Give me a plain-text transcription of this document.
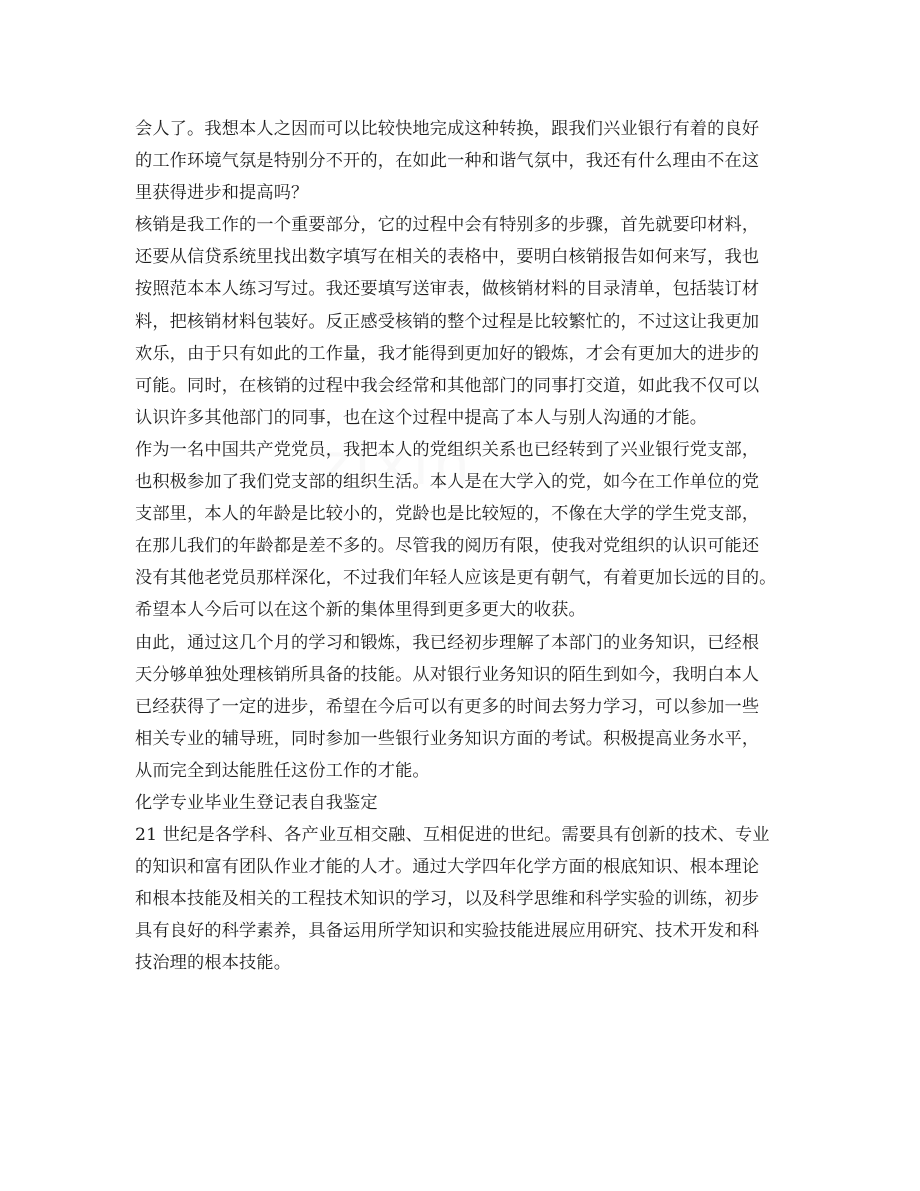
zixin

会人了。我想本人之因而可以比较快地完成这种转换，跟我们兴业银行有着的良好
的工作环境气氛是特别分不开的，在如此一种和谐气氛中，我还有什么理由不在这
里获得进步和提高吗？

核销是我工作的一个重要部分，它的过程中会有特别多的步骤，首先就要印材料，
还要从信贷系统里找出数字填写在相关的表格中，要明白核销报告如何来写，我也
按照范本本人练习写过。我还要填写送审表，做核销材料的目录清单，包括装订材
料，把核销材料包装好。反正感受核销的整个过程是比较繁忙的，不过这让我更加
欢乐，由于只有如此的工作量，我才能得到更加好的锻炼，才会有更加大的进步的
可能。同时，在核销的过程中我会经常和其他部门的同事打交道，如此我不仅可以
认识许多其他部门的同事，也在这个过程中提高了本人与别人沟通的才能。

作为一名中国共产党党员，我把本人的党组织关系也已经转到了兴业银行党支部，
也积极参加了我们党支部的组织生活。本人是在大学入的党，如今在工作单位的党
支部里，本人的年龄是比较小的，党龄也是比较短的，不像在大学的学生党支部，
在那儿我们的年龄都是差不多的。尽管我的阅历有限，使我对党组织的认识可能还
没有其他老党员那样深化，不过我们年轻人应该是更有朝气，有着更加长远的目的。
希望本人今后可以在这个新的集体里得到更多更大的收获。

由此，通过这几个月的学习和锻炼，我已经初步理解了本部门的业务知识，已经根
天分够单独处理核销所具备的技能。从对银行业务知识的陌生到如今，我明白本人
已经获得了一定的进步，希望在今后可以有更多的时间去努力学习，可以参加一些
相关专业的辅导班，同时参加一些银行业务知识方面的考试。积极提高业务水平，
从而完全到达能胜任这份工作的才能。

化学专业毕业生登记表自我鉴定

21 世纪是各学科、各产业互相交融、互相促进的世纪。需要具有创新的技术、专业
的知识和富有团队作业才能的人才。通过大学四年化学方面的根底知识、根本理论
和根本技能及相关的工程技术知识的学习，以及科学思维和科学实验的训练，初步
具有良好的科学素养，具备运用所学知识和实验技能进展应用研究、技术开发和科
技治理的根本技能。
